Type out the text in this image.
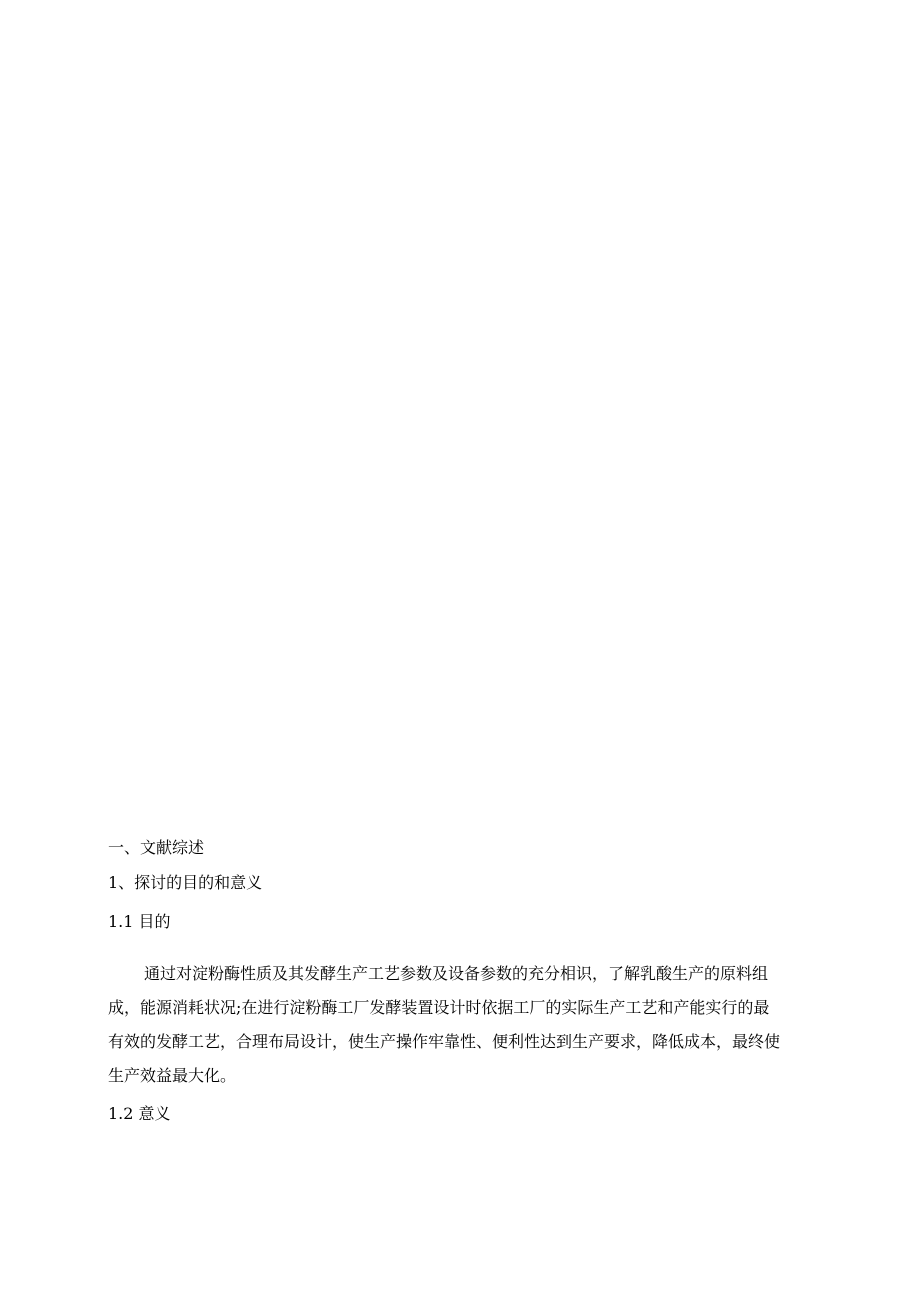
一、文献综述
1、探讨的目的和意义
1.1 目的
通过对淀粉酶性质及其发酵生产工艺参数及设备参数的充分相识，了解乳酸生产的原料组
成，能源消耗状况;在进行淀粉酶工厂发酵装置设计时依据工厂的实际生产工艺和产能实行的最
有效的发酵工艺，合理布局设计，使生产操作牢靠性、便利性达到生产要求，降低成本，最终使
生产效益最大化。
1.2 意义
